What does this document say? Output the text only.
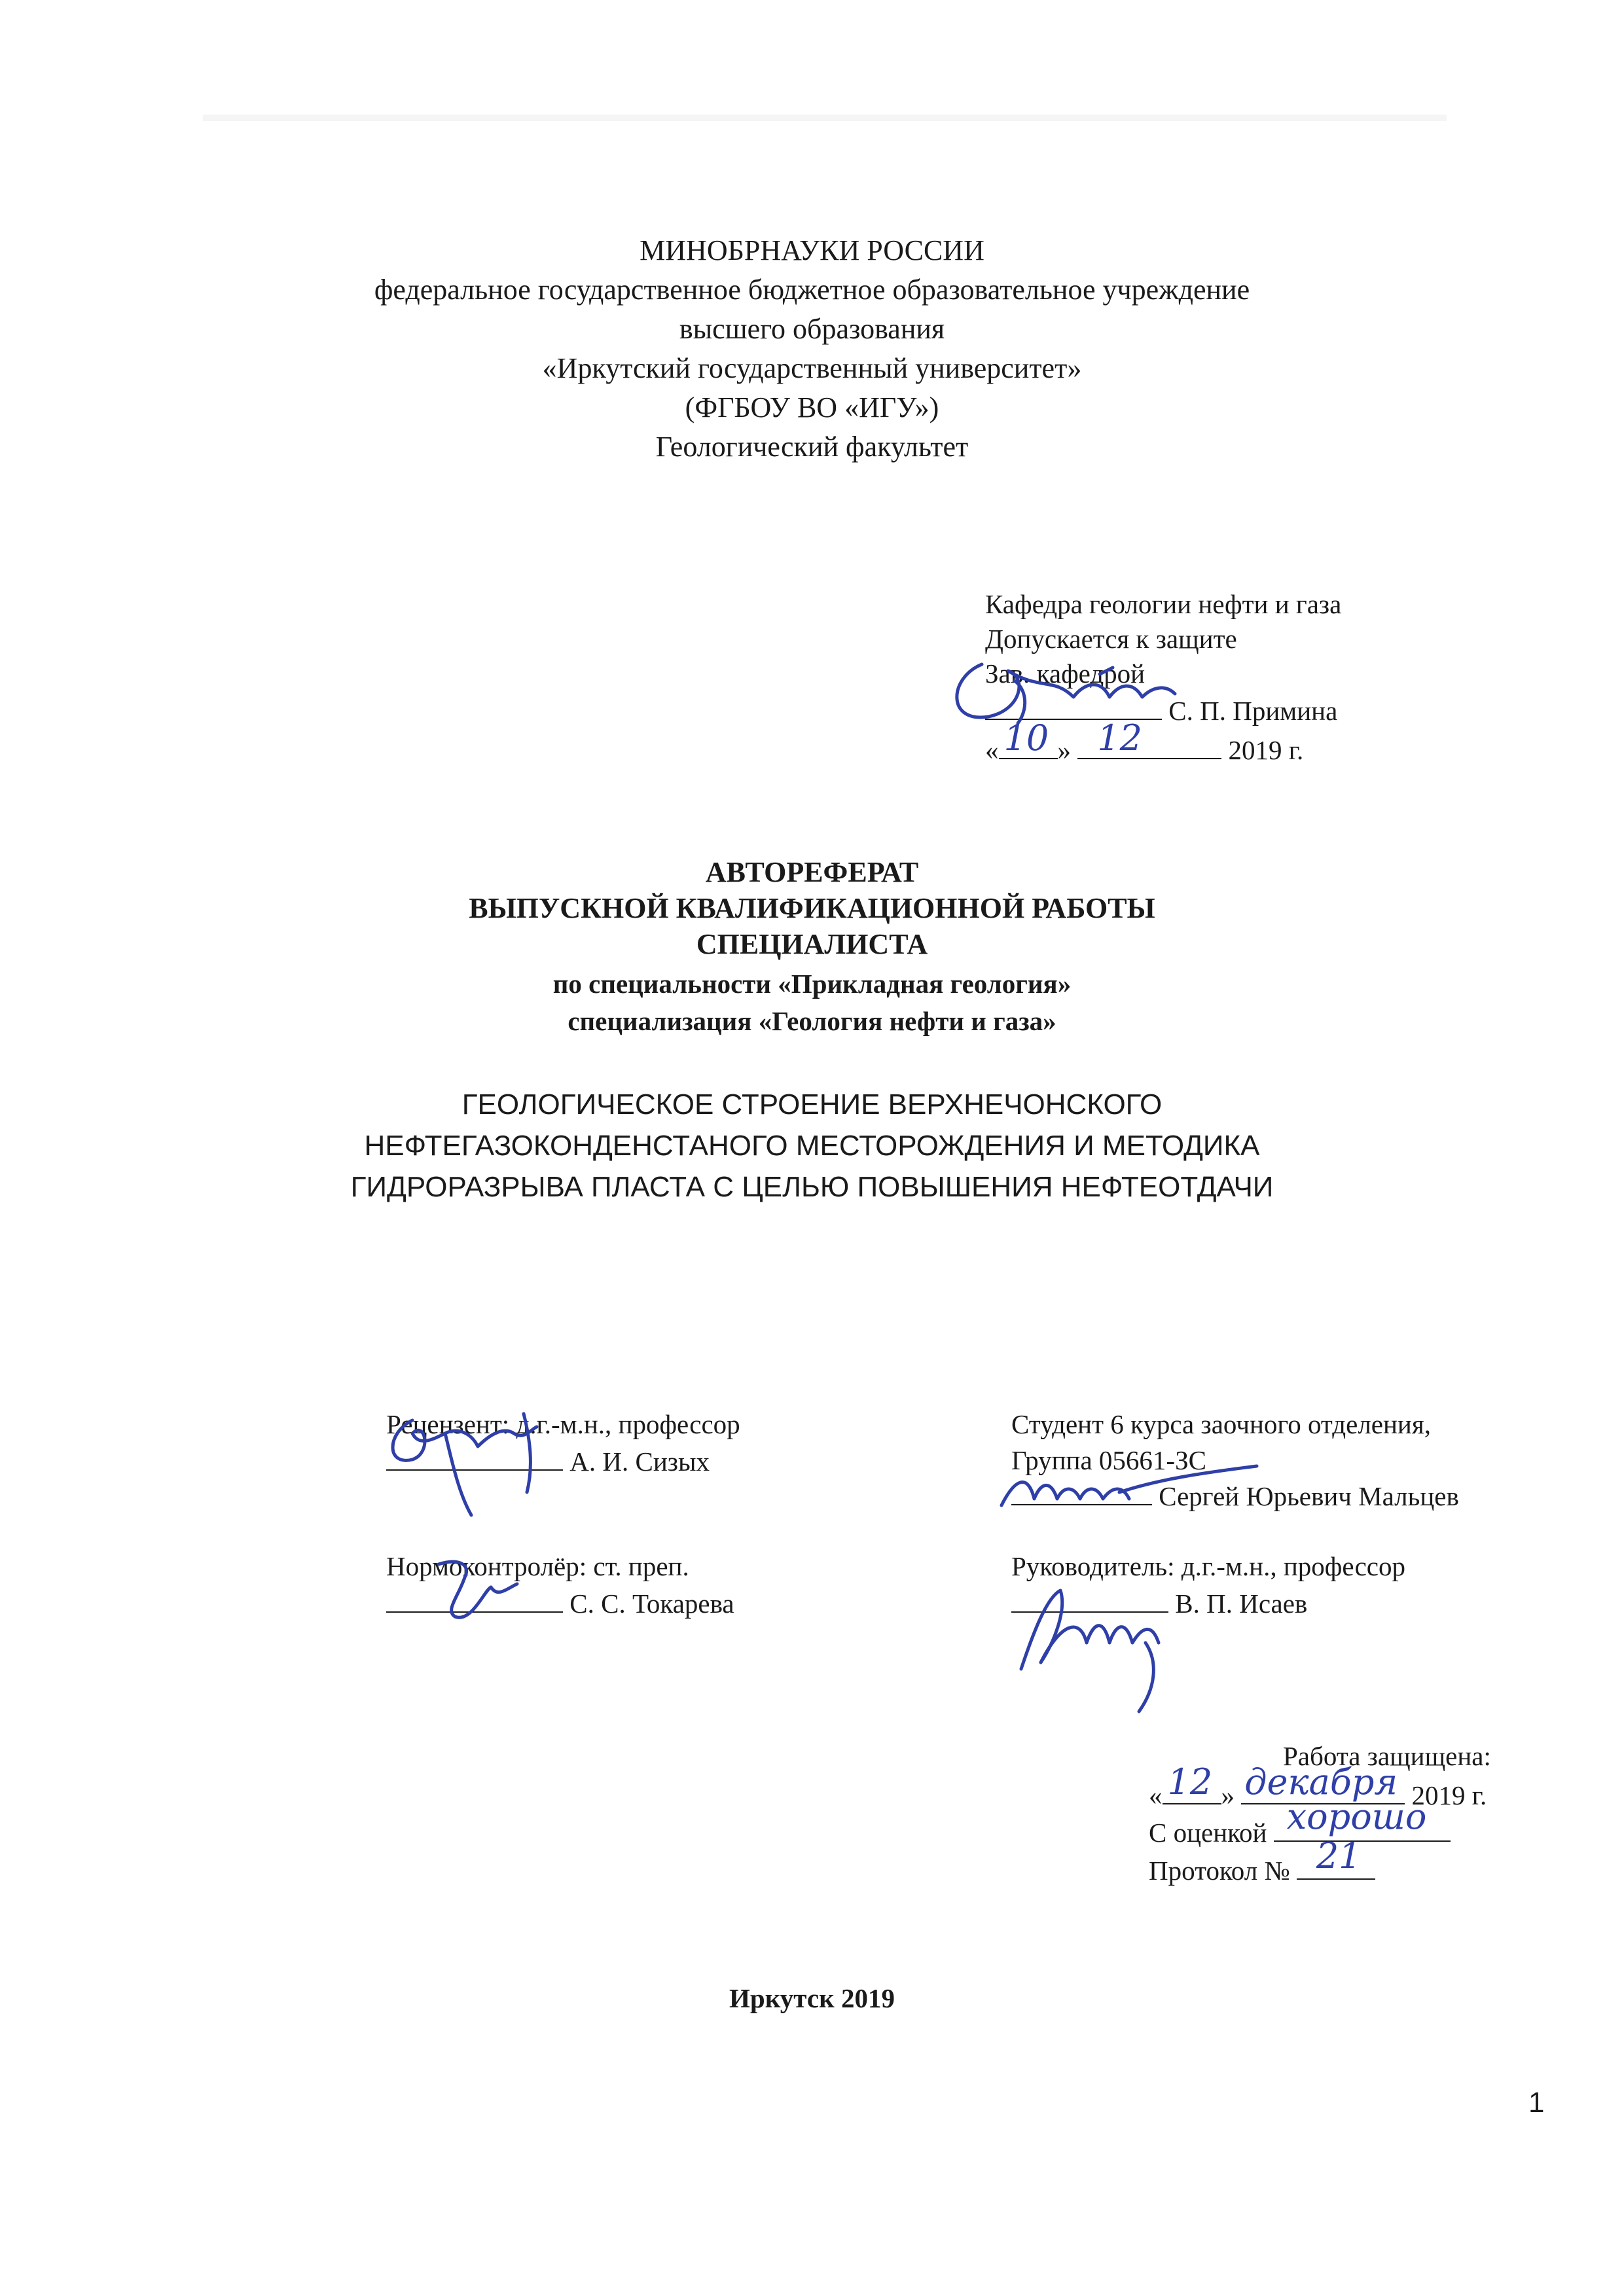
МИНОБРНАУКИ РОССИИ
федеральное государственное бюджетное образовательное учреждение
высшего образования
«Иркутский государственный университет»
(ФГБОУ ВО «ИГУ»)
Геологический факультет
Кафедра геологии нефти и газа
Допускается к защите
Зав. кафедрой
С. П. Примина
« 10 » 12	2019 г.
АВТОРЕФЕРАТ
ВЫПУСКНОЙ КВАЛИФИКАЦИОННОЙ РАБОТЫ
СПЕЦИАЛИСТА
по специальности «Прикладная геология»
специализация «Геология нефти и газа»
ГЕОЛОГИЧЕСКОЕ СТРОЕНИЕ ВЕРХНЕЧОНСКОГО
НЕФТЕГАЗОКОНДЕНСТАНОГО МЕСТОРОЖДЕНИЯ И МЕТОДИКА
ГИДРОРАЗРЫВА ПЛАСТА С ЦЕЛЬЮ ПОВЫШЕНИЯ НЕФТЕОТДАЧИ
Рецензент: д.г.-м.н., профессор
А. И. Сизых
Нормоконтролёр: ст. преп.
С. С. Токарева
Студент 6 курса заочного отделения,
Группа 05661-ЗС
Сергей Юрьевич Мальцев
Руководитель: д.г.-м.н., профессор
В. П. Исаев
Работа защищена:
« 12 » декабря 2019 г.
С оценкой хорошо
Протокол № 21
Иркутск 2019
1
